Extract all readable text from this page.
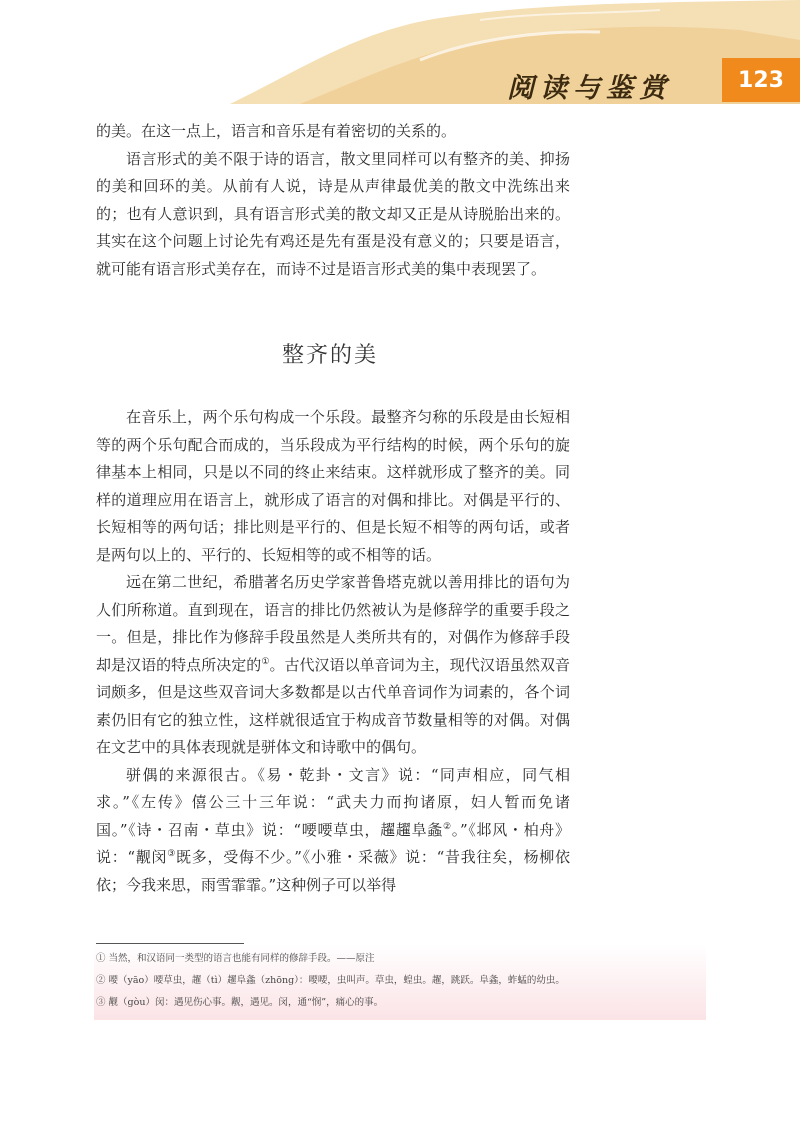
阅读与鉴赏	123

的美。在这一点上，语言和音乐是有着密切的关系的。

语言形式的美不限于诗的语言，散文里同样可以有整齐的美、抑扬的美和回环的美。从前有人说，诗是从声律最优美的散文中洗练出来的；也有人意识到，具有语言形式美的散文却又正是从诗脱胎出来的。其实在这个问题上讨论先有鸡还是先有蛋是没有意义的；只要是语言，就可能有语言形式美存在，而诗不过是语言形式美的集中表现罢了。

整齐的美

在音乐上，两个乐句构成一个乐段。最整齐匀称的乐段是由长短相等的两个乐句配合而成的，当乐段成为平行结构的时候，两个乐句的旋律基本上相同，只是以不同的终止来结束。这样就形成了整齐的美。同样的道理应用在语言上，就形成了语言的对偶和排比。对偶是平行的、长短相等的两句话；排比则是平行的、但是长短不相等的两句话，或者是两句以上的、平行的、长短相等的或不相等的话。

远在第二世纪，希腊著名历史学家普鲁塔克就以善用排比的语句为人们所称道。直到现在，语言的排比仍然被认为是修辞学的重要手段之一。但是，排比作为修辞手段虽然是人类所共有的，对偶作为修辞手段却是汉语的特点所决定的①。古代汉语以单音词为主，现代汉语虽然双音词颇多，但是这些双音词大多数都是以古代单音词作为词素的，各个词素仍旧有它的独立性，这样就很适宜于构成音节数量相等的对偶。对偶在文艺中的具体表现就是骈体文和诗歌中的偶句。

骈偶的来源很古。《易・乾卦・文言》说：“同声相应，同气相求。”《左传》僖公三十三年说：“武夫力而拘诸原，妇人暂而免诸国。”《诗・召南・草虫》说：“喓喓草虫，趯趯阜螽②。”《邶风・柏舟》说：“觏闵③既多，受侮不少。”《小雅・采薇》说：“昔我往矣，杨柳依依；今我来思，雨雪霏霏。”这种例子可以举得

① 当然，和汉语同一类型的语言也能有同样的修辞手段。——原注
② 喓（yāo）喓草虫，趯（tì）趯阜螽（zhōng）：喓喓，虫叫声。草虫，蝗虫。趯，跳跃。阜螽，蚱蜢的幼虫。
③ 觏（gòu）闵：遇见伤心事。觏，遇见。闵，通“悯”，痛心的事。
